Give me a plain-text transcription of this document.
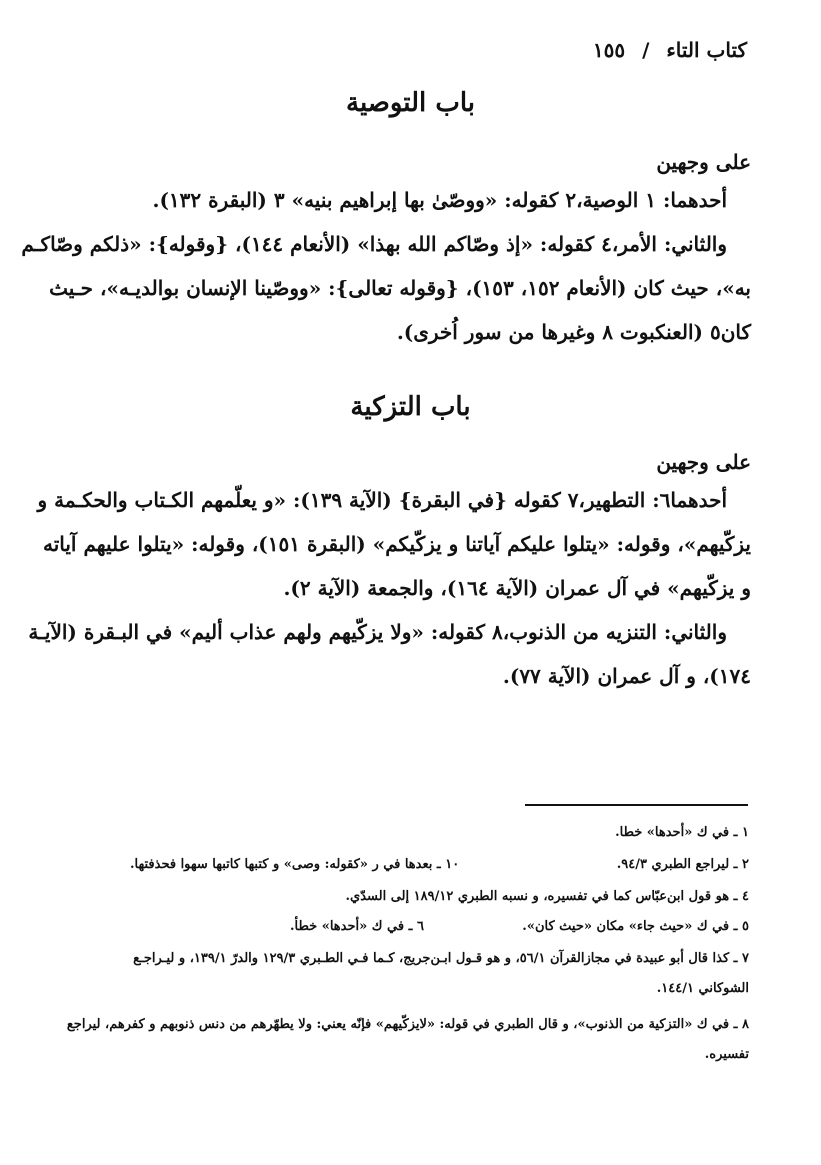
كتاب التاء / ١٥٥
باب التوصية
على وجهين
أحدهما: ١ الوصية،٢ كقوله: «ووصّىٰ بها إبراهيم بنيه» ٣ (البقرة ١٣٢).
والثاني: الأمر،٤ كقوله: «إذ وصّاكم الله بهذا» (الأنعام ١٤٤)، {وقوله}: «ذلكم وصّاكـم
به»، حيث كان (الأنعام ١٥٢، ١٥٣)، {وقوله تعالى}: «ووصّينا الإنسان بوالديـه»، حـيث
كان٥ (العنكبوت ٨ وغيرها من سور اُخرى).
باب التزكية
على وجهين
أحدهما٦: التطهير،٧ كقوله {في البقرة} (الآية ١٣٩): «و يعلّمهم الكـتاب والحكـمة و
يزكّيهم»، وقوله: «يتلوا عليكم آياتنا و يزكّيكم» (البقرة ١٥١)، وقوله: «يتلوا عليهم آياته
و يزكّيهم» في آل عمران (الآية ١٦٤)، والجمعة (الآية ٢).
والثاني: التنزيه من الذنوب،٨ كقوله: «ولا يزكّيهم ولهم عذاب أليم» في البـقرة (الآيـة
١٧٤)، و آل عمران (الآية ٧٧).
١ ـ في ك «أحدها» خطا.
٢ ـ ليراجع الطبري ٩٤/٣.
١٠ ـ بعدها في ر «كقوله: وصى» و كتبها كاتبها سهوا فحذفتها.
٤ ـ هو قول ابن‌عبّاس كما في تفسيره، و نسبه الطبري ١٨٩/١٢ إلى السدّي.
٥ ـ في ك «حيث جاء» مكان «حيث كان».
٦ ـ في ك «أحدها» خطأ.
٧ ـ كذا قال أبو عبيدة في مجازالقرآن ٥٦/١، و هو قـول ابـن‌جريج، كـما فـي الطـبري ١٢٩/٣ والدرّ ١٣٩/١، و ليـراجـع
الشوكاني ١٤٤/١.
٨ ـ في ك «التزكية من الذنوب»، و قال الطبري في قوله: «لايزكّيهم» فإنّه يعني: ولا يطهّرهم من دنس ذنوبهم و كفرهم، ليراجع
تفسيره.
